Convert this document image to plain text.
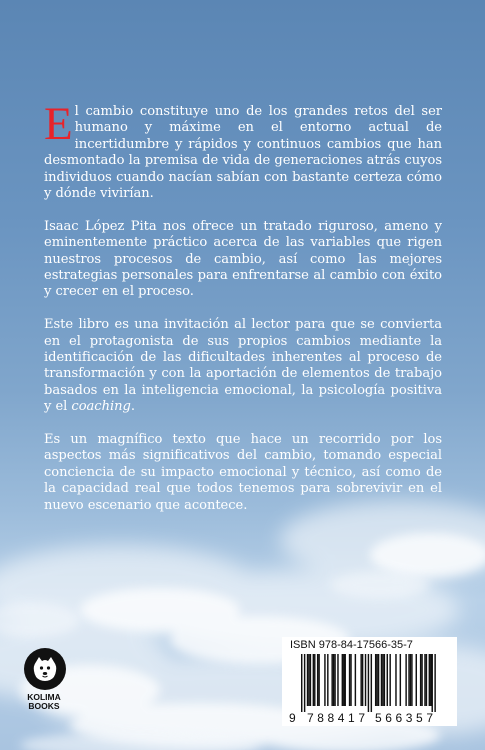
El cambio constituye uno de los grandes retos del ser humano y máxime en el entorno actual de incertidumbre y rápidos y continuos cambios que han desmontado la premisa de vida de generaciones atrás cuyos individuos cuando nacían sabían con bastante certeza cómo y dónde vivirían.

Isaac López Pita nos ofrece un tratado riguroso, ameno y eminentemente práctico acerca de las variables que rigen nuestros procesos de cambio, así como las mejores estrategias personales para enfrentarse al cambio con éxito y crecer en el proceso.

Este libro es una invitación al lector para que se convierta en el protagonista de sus propios cambios mediante la identificación de las dificultades inherentes al proceso de transformación y con la aportación de elementos de trabajo basados en la inteligencia emocional, la psicología positiva y el coaching.

Es un magnífico texto que hace un recorrido por los aspectos más significativos del cambio, tomando especial conciencia de su impacto emocional y técnico, así como de la capacidad real que todos tenemos para sobrevivir en el nuevo escenario que acontece.

KOLIMA
BOOKS
ISBN 978-84-17566-35-7
9 788417 566357
